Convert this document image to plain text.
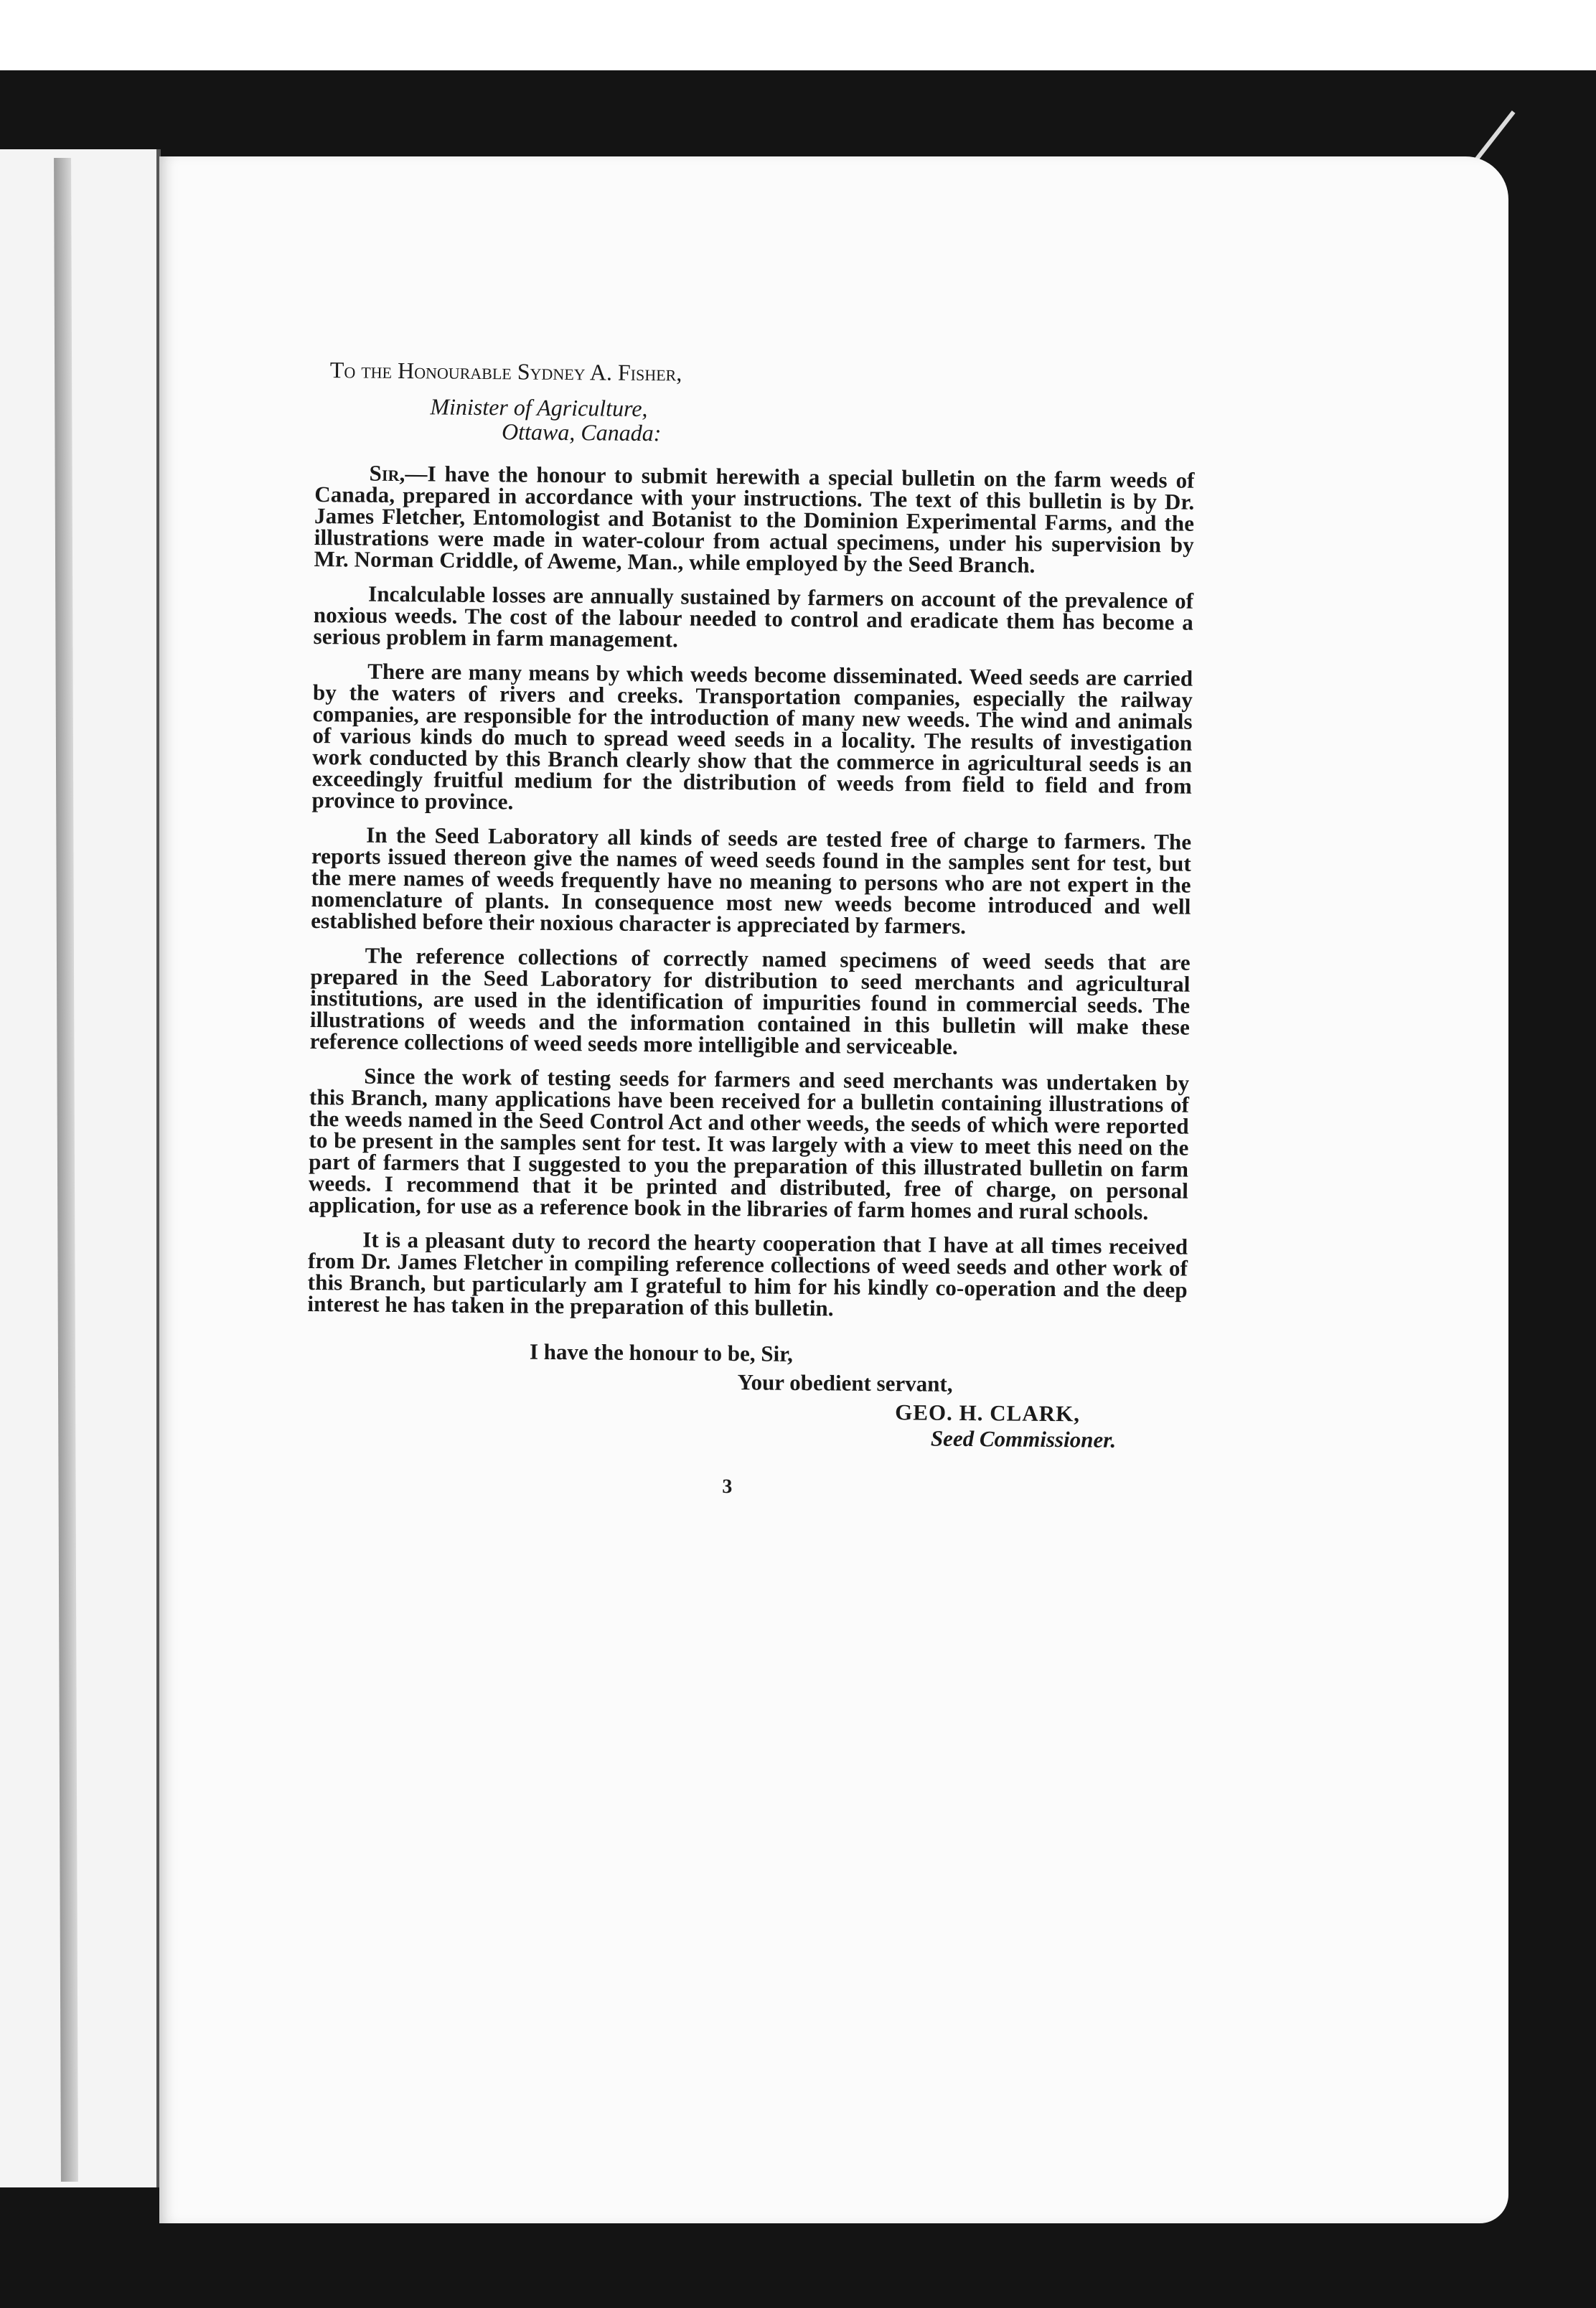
To the Honourable Sydney A. Fisher,
Minister of Agriculture,
Ottawa, Canada:

Sir,—I have the honour to submit herewith a special bulletin on the farm weeds of Canada, prepared in accordance with your instructions. The text of this bulletin is by Dr. James Fletcher, Entomologist and Botanist to the Dominion Experimental Farms, and the illustrations were made in water-colour from actual specimens, under his supervision by Mr. Norman Criddle, of Aweme, Man., while employed by the Seed Branch.

Incalculable losses are annually sustained by farmers on account of the prevalence of noxious weeds. The cost of the labour needed to control and eradicate them has become a serious problem in farm management.

There are many means by which weeds become disseminated. Weed seeds are carried by the waters of rivers and creeks. Transportation companies, especially the railway companies, are responsible for the introduction of many new weeds. The wind and animals of various kinds do much to spread weed seeds in a locality. The results of investigation work conducted by this Branch clearly show that the commerce in agricultural seeds is an exceedingly fruitful medium for the distribution of weeds from field to field and from province to province.

In the Seed Laboratory all kinds of seeds are tested free of charge to farmers. The reports issued thereon give the names of weed seeds found in the samples sent for test, but the mere names of weeds frequently have no meaning to persons who are not expert in the nomenclature of plants. In consequence most new weeds become introduced and well established before their noxious character is appreciated by farmers.

The reference collections of correctly named specimens of weed seeds that are prepared in the Seed Laboratory for distribution to seed merchants and agricultural institutions, are used in the identification of impurities found in commercial seeds. The illustrations of weeds and the information contained in this bulletin will make these reference collections of weed seeds more intelligible and serviceable.

Since the work of testing seeds for farmers and seed merchants was undertaken by this Branch, many applications have been received for a bulletin containing illustrations of the weeds named in the Seed Control Act and other weeds, the seeds of which were reported to be present in the samples sent for test. It was largely with a view to meet this need on the part of farmers that I suggested to you the preparation of this illustrated bulletin on farm weeds. I recommend that it be printed and distributed, free of charge, on personal application, for use as a reference book in the libraries of farm homes and rural schools.

It is a pleasant duty to record the hearty cooperation that I have at all times received from Dr. James Fletcher in compiling reference collections of weed seeds and other work of this Branch, but particularly am I grateful to him for his kindly co-operation and the deep interest he has taken in the preparation of this bulletin.

I have the honour to be, Sir,
Your obedient servant,
GEO. H. CLARK,
Seed Commissioner.
3
